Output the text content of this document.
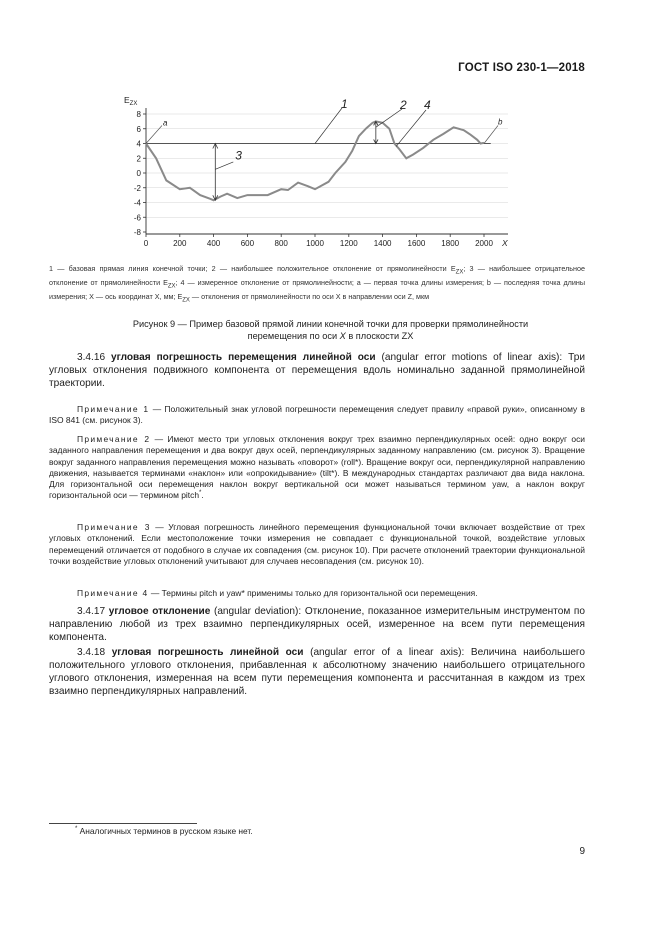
ГОСТ ISO 230-1—2018
8
6
4
2
0
-2
-4
-6
-8
0	200	400	600	800 1000 1200 1400 1600 1800 2000
$E_{ZX}$
X
a	b
1	2 4
3
1 — базовая прямая линия конечной точки; 2 — наибольшее положительное отклонение от прямолинейности $E_{ZX}$; 3 — наибольшее отрицательное отклонение от прямолинейности $E_{ZX}$; 4 — измеренное отклонение от прямолинейности; a — первая точка длины измерения; b — последняя точка длины измерения; X — ось координат X, мм; $E_{ZX}$ — отклонения от прямолинейности по оси X в направлении оси Z, мкм
Рисунок 9 — Пример базовой прямой линии конечной точки для проверки прямолинейности
перемещения по оси X в плоскости ZX
3.4.16 угловая погрешность перемещения линейной оси (angular error motions of linear axis): Три угловых отклонения подвижного компонента от перемещения вдоль номинально заданной прямолинейной траектории.
Примечание 1 — Положительный знак угловой погрешности перемещения следует правилу «правой руки», описанному в ISO 841 (см. рисунок 3).
Примечание 2 — Имеют место три угловых отклонения вокруг трех взаимно перпендикулярных осей: одно вокруг оси заданного направления перемещения и два вокруг двух осей, перпендикулярных заданному направлению (см. рисунок 3). Вращение вокруг заданного направления перемещения можно называть «поворот» (roll*). Вращение вокруг оси, перпендикулярной направлению движения, называется терминами «наклон» или «опрокидывание» (tilt*). В международных стандартах различают два вида наклона. Для горизонтальной оси перемещения наклон вокруг вертикальной оси может называться термином yaw, а наклон вокруг горизонтальной оси — термином pitch*.
Примечание 3 — Угловая погрешность линейного перемещения функциональной точки включает воздействие от трех угловых отклонений. Если местоположение точки измерения не совпадает с функциональной точкой, воздействие угловых перемещений отличается от подобного в случае их совпадения (см. рисунок 10). При расчете отклонений траектории функциональной точки воздействие угловых отклонений учитывают для случаев несовпадения (см. рисунок 10).
Примечание 4 — Термины pitch и yaw* применимы только для горизонтальной оси перемещения.
3.4.17 угловое отклонение (angular deviation): Отклонение, показанное измерительным инструментом по направлению любой из трех взаимно перпендикулярных осей, измеренное на всем пути перемещения компонента.
3.4.18 угловая погрешность линейной оси (angular error of a linear axis): Величина наибольшего положительного углового отклонения, прибавленная к абсолютному значению наибольшего отрицательного углового отклонения, измеренная на всем пути перемещения компонента и рассчитанная в каждом из трех взаимно перпендикулярных направлений.
* Аналогичных терминов в русском языке нет.
9
